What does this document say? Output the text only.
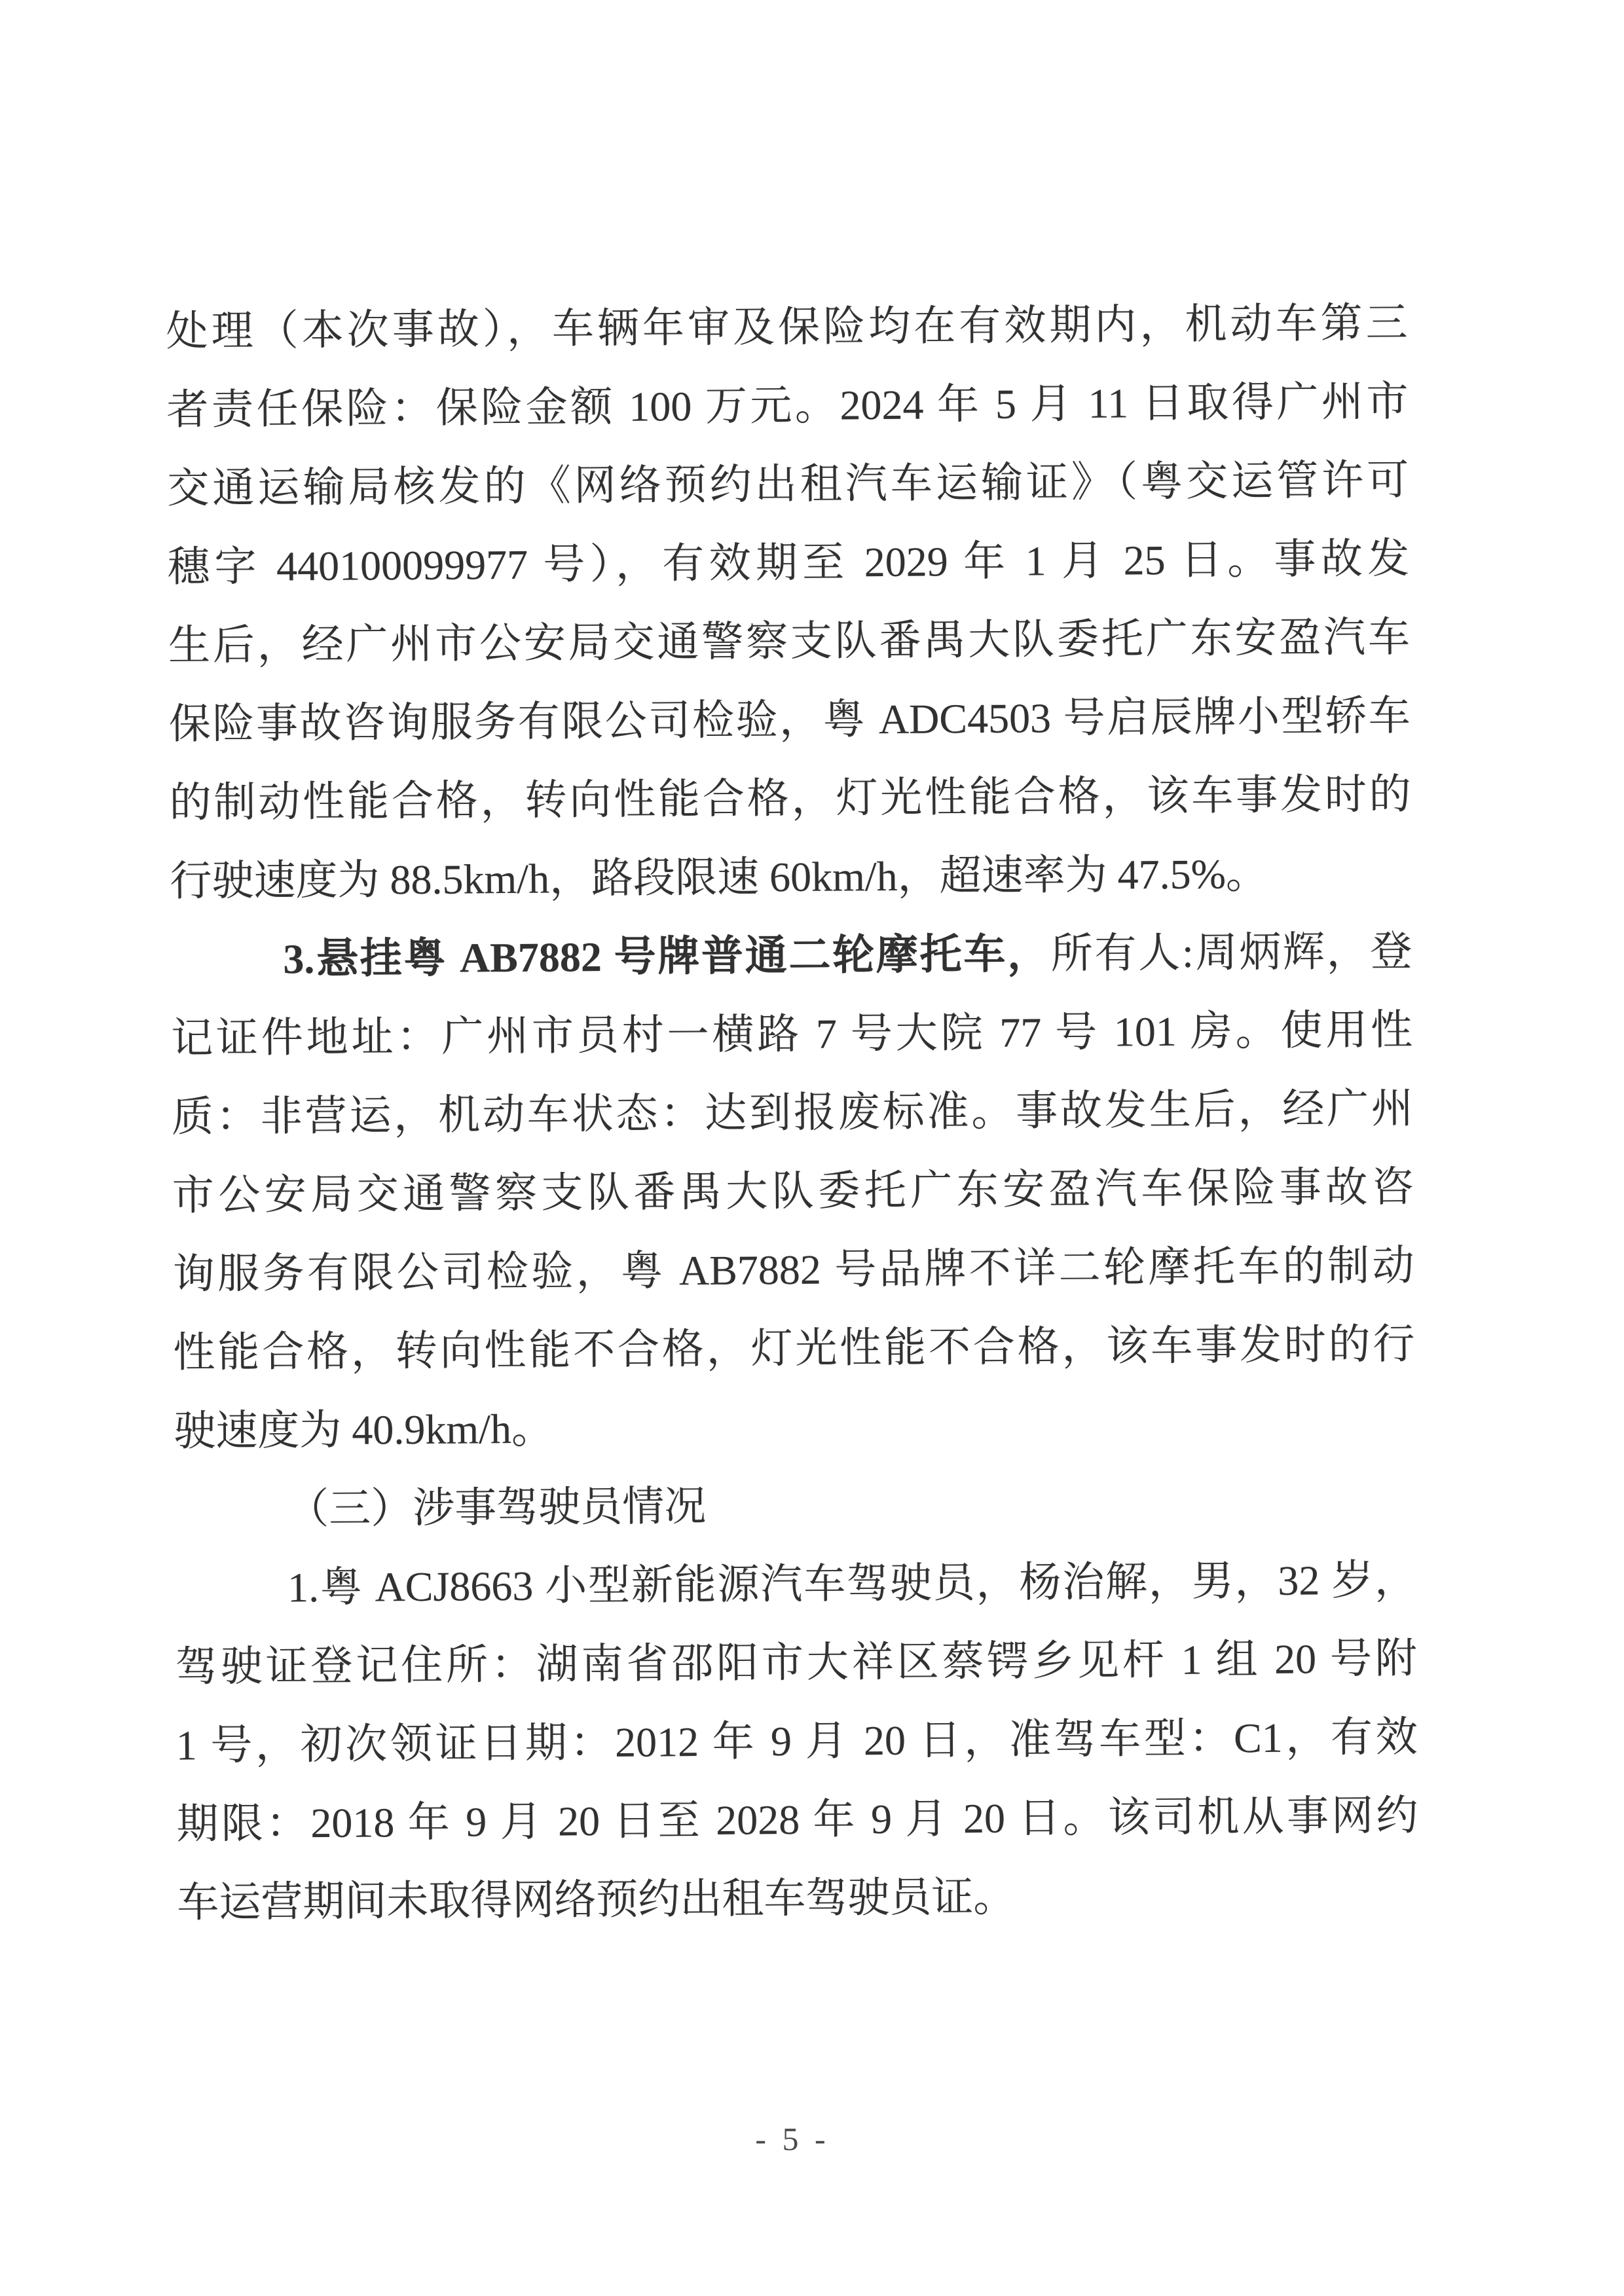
处理（本次事故），车辆年审及保险均在有效期内，机动车第三
者责任保险：保险金额 100 万元。2024 年 5 月 11 日取得广州市
交通运输局核发的《网络预约出租汽车运输证》（粤交运管许可
穗字 440100099977 号），有效期至 2029 年 1 月 25 日。事故发
生后，经广州市公安局交通警察支队番禺大队委托广东安盈汽车
保险事故咨询服务有限公司检验，粤 ADC4503 号启辰牌小型轿车
的制动性能合格，转向性能合格，灯光性能合格，该车事发时的
行驶速度为 88.5km/h，路段限速 60km/h，超速率为 47.5%。
3.悬挂粤 AB7882 号牌普通二轮摩托车，所有人:周炳辉，登
记证件地址：广州市员村一横路 7 号大院 77 号 101 房。使用性
质：非营运，机动车状态：达到报废标准。事故发生后，经广州
市公安局交通警察支队番禺大队委托广东安盈汽车保险事故咨
询服务有限公司检验，粤 AB7882 号品牌不详二轮摩托车的制动
性能合格，转向性能不合格，灯光性能不合格，该车事发时的行
驶速度为 40.9km/h。
（三）涉事驾驶员情况
1.粤 ACJ8663 小型新能源汽车驾驶员，杨治解，男，32 岁，
驾驶证登记住所：湖南省邵阳市大祥区蔡锷乡见杆 1 组 20 号附
1 号，初次领证日期：2012 年 9 月 20 日，准驾车型：C1，有效
期限：2018 年 9 月 20 日至 2028 年 9 月 20 日。该司机从事网约
车运营期间未取得网络预约出租车驾驶员证。
- 5 -
